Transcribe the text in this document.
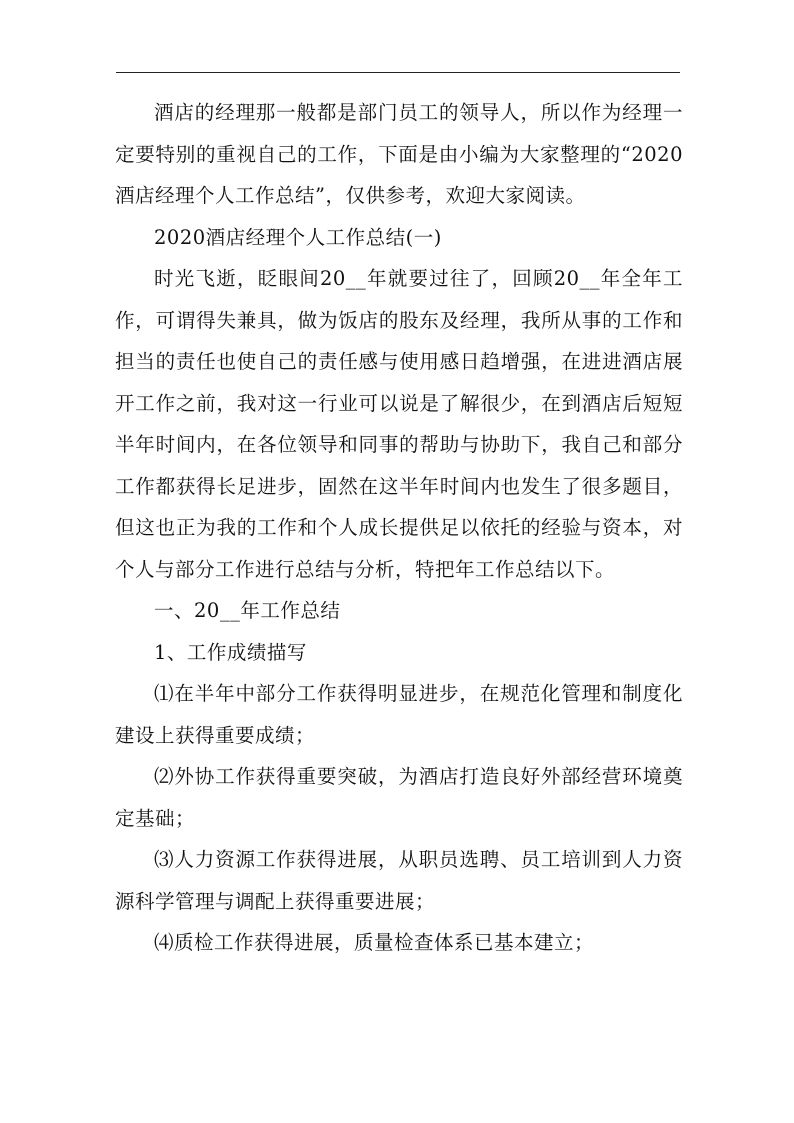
酒店的经理那一般都是部门员工的领导人，所以作为经理一定要特别的重视自己的工作，下面是由小编为大家整理的“2020酒店经理个人工作总结”，仅供参考，欢迎大家阅读。

2020酒店经理个人工作总结(一)

时光飞逝，眨眼间20__年就要过往了，回顾20__年全年工作，可谓得失兼具，做为饭店的股东及经理，我所从事的工作和担当的责任也使自己的责任感与使用感日趋增强，在进进酒店展开工作之前，我对这一行业可以说是了解很少，在到酒店后短短半年时间内，在各位领导和同事的帮助与协助下，我自己和部分工作都获得长足进步，固然在这半年时间内也发生了很多题目，但这也正为我的工作和个人成长提供足以依托的经验与资本，对个人与部分工作进行总结与分析，特把年工作总结以下。

一、20__年工作总结

1、工作成绩描写

⑴在半年中部分工作获得明显进步，在规范化管理和制度化建设上获得重要成绩；

⑵外协工作获得重要突破，为酒店打造良好外部经营环境奠定基础；

⑶人力资源工作获得进展，从职员选聘、员工培训到人力资源科学管理与调配上获得重要进展；

⑷质检工作获得进展，质量检查体系已基本建立；
